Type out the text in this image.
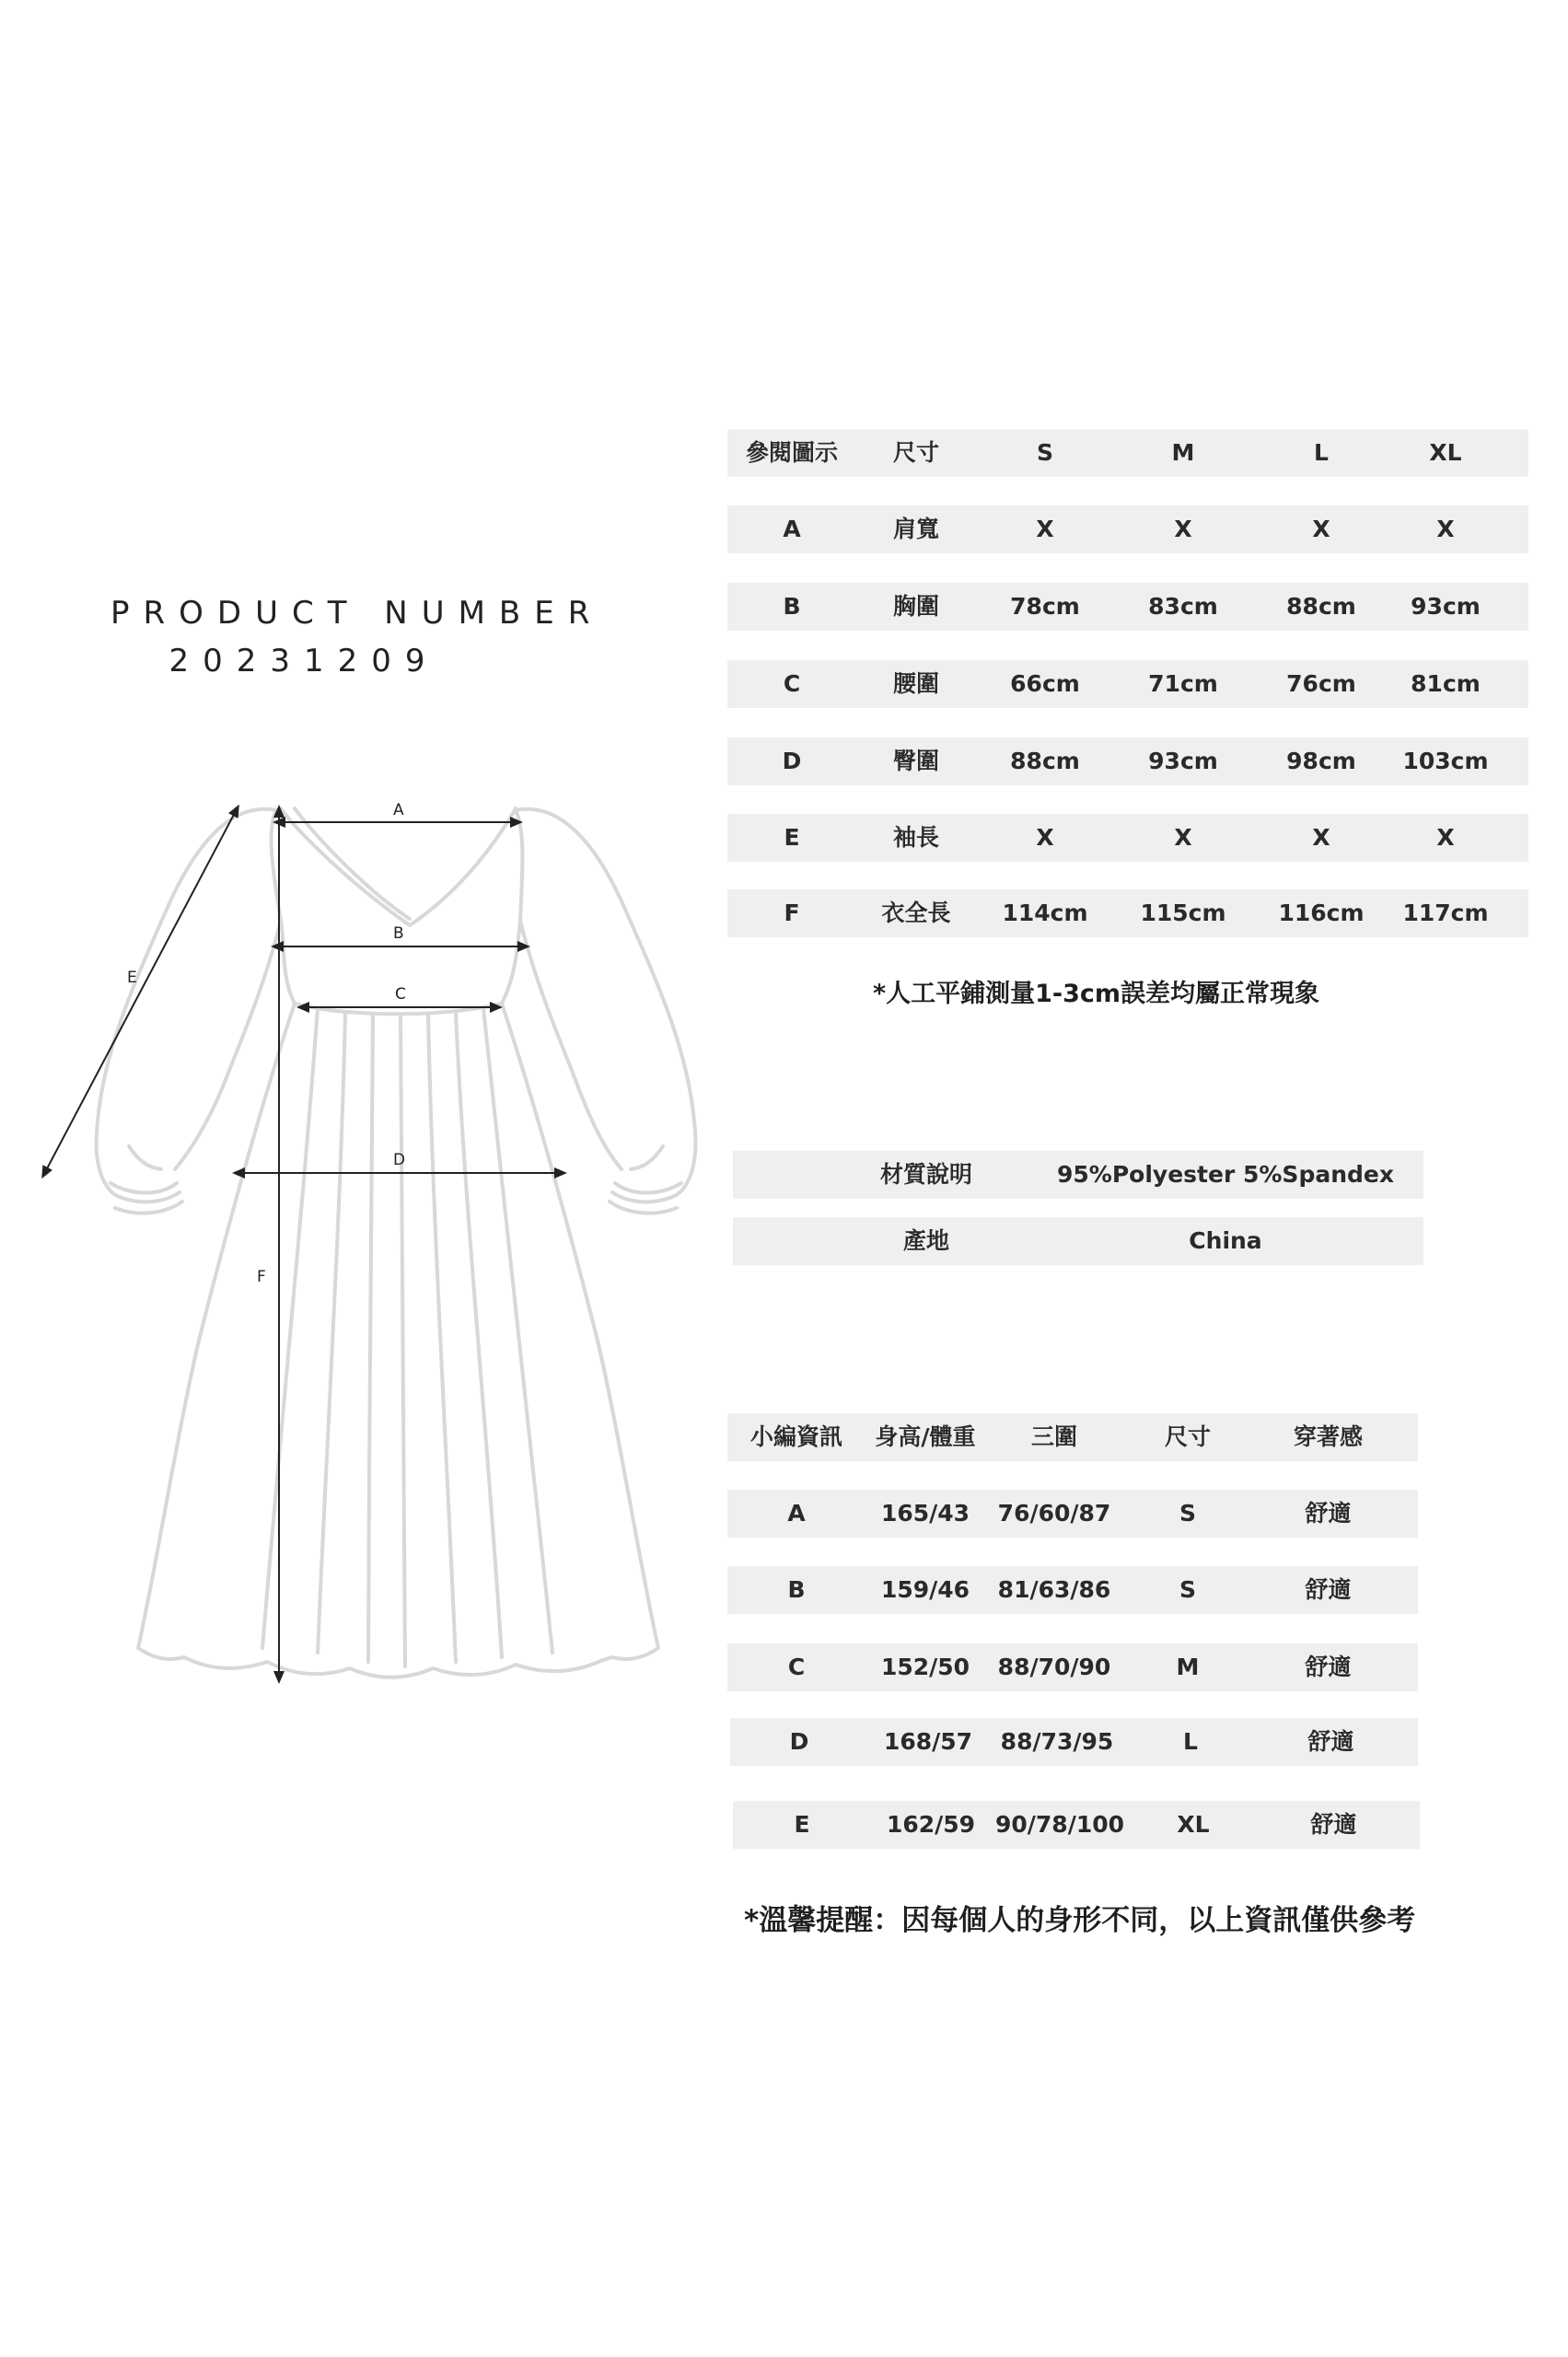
PRODUCT NUMBER
20231209
A
B
C
D
E
F
參閱圖示	尺寸	S	M	L	XL
A	肩寬	X	X	X	X
B	胸圍	78cm	83cm	88cm	93cm
C	腰圍	66cm	71cm	76cm	81cm
D	臀圍	88cm	93cm	98cm	103cm
E	袖長	X	X	X	X
F	衣全長	114cm	115cm	116cm	117cm
*人工平鋪測量1-3cm誤差均屬正常現象
材質說明	95%Polyester 5%Spandex
產地	China
小編資訊	身高/體重	三圍	尺寸	穿著感
A	165/43	76/60/87	S	舒適
B	159/46	81/63/86	S	舒適
C	152/50	88/70/90	M	舒適
D	168/57	88/73/95	L	舒適
E	162/59 90/78/100	XL	舒適
*溫馨提醒：因每個人的身形不同，以上資訊僅供參考
